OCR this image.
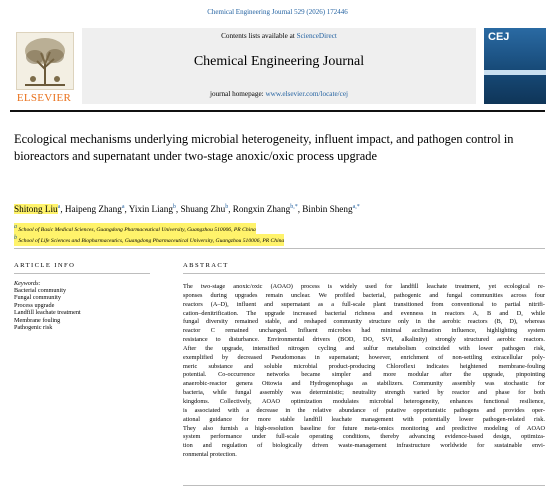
Chemical Engineering Journal 529 (2026) 172446
ELSEVIER
Contents lists available at ScienceDirect
Chemical Engineering Journal
journal homepage: www.elsevier.com/locate/cej
CEJ
Ecological mechanisms underlying microbial heterogeneity, influent impact, and pathogen control in bioreactors and supernatant under two-stage anoxic/oxic process upgrade
Shitong Liu$^a$, Haipeng Zhang$^a$, Yixin Liang$^b$, Shuang Zhu$^b$, Rongxin Zhang$^{b,*}$, Binbin Sheng$^{a,*}$
a School of Basic Medical Sciences, Guangdong Pharmaceutical University, Guangzhou 510006, PR China
b School of Life Sciences and Biopharmaceutics, Guangdong Pharmaceutical University, Guangzhou 510006, PR China

ARTICLE INFO
Keywords:
Bacterial community
Fungal community
Process upgrade
Landfill leachate treatment
Membrane fouling
Pathogenic risk
ABSTRACT
The two-stage anoxic/oxic (AOAO) process is widely used for landfill leachate treatment, yet ecological re-
sponses during upgrades remain unclear. We profiled bacterial, pathogenic and fungal communities across four
reactors (A–D), influent and supernatant as a full-scale plant transitioned from conventional to partial nitrifi-
cation–denitrification. The upgrade increased bacterial richness and evenness in reactors A, B and D, while
fungal diversity remained stable, and reshaped community structure only in the aerobic reactors (B, D), whereas
reactor C remained unchanged. Influent microbes had minimal acclimation influence, highlighting system
resistance to disturbance. Environmental drivers (BOD, DO, SVI, alkalinity) strongly structured aerobic reactors.
After the upgrade, intensified nitrogen cycling and sulfur metabolism coincided with lower pathogen risk,
exemplified by decreased Pseudomonas in supernatant; however, enrichment of non-settling extracellular poly-
meric substance and soluble microbial product-producing Chloroflexi indicates heightened membrane-fouling
potential. Co-occurrence networks became simpler and more modular after the upgrade, pinpointing
anaerobic-reactor genera Ottowia and Hydrogenophaga as stabilizers. Community assembly was stochastic for
bacteria, while fungal assembly was deterministic; neutrality strength varied by reactor and phase for both
kingdoms. Collectively, AOAO optimization modulates microbial heterogeneity, enhances functional resilience,
is associated with a decrease in the relative abundance of putative opportunistic pathogens and provides oper-
ational guidance for more stable landfill leachate management with potentially lower pathogen-related risk.
They also furnish a high-resolution baseline for future meta-omics monitoring and predictive modeling of AOAO
system performance under full-scale operating conditions, thereby advancing evidence-based design, optimiza-
tion and regulation of biologically driven waste-management infrastructure worldwide for sustainable envi-
ronmental protection.
